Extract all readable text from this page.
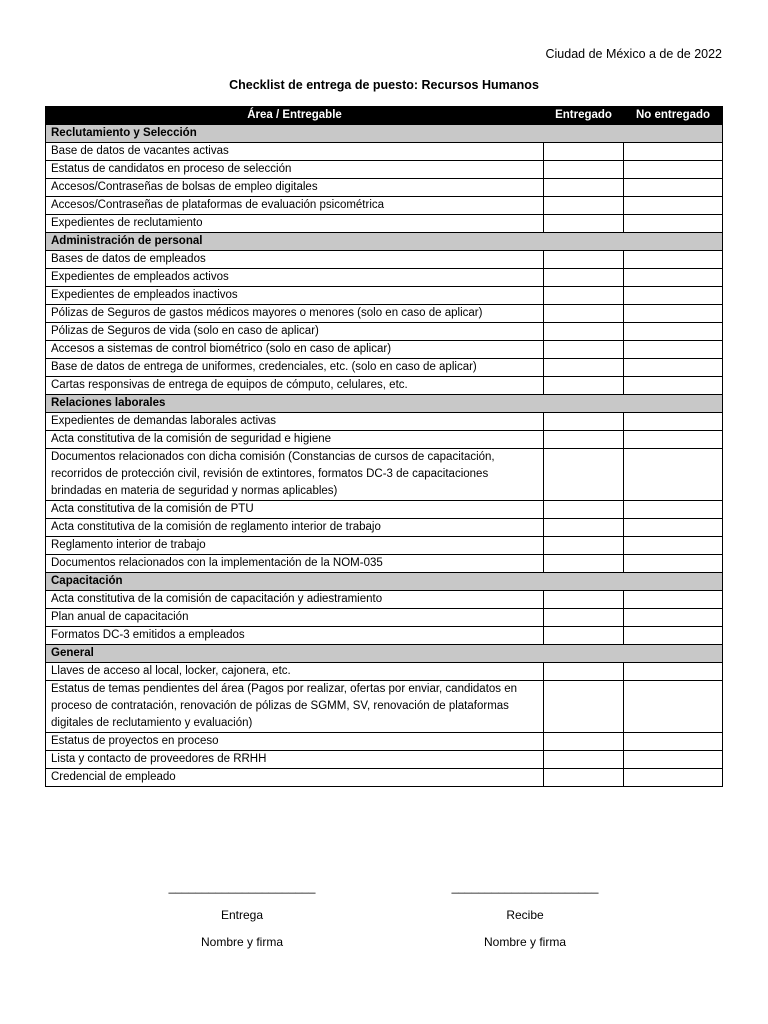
Ciudad de México a de de 2022
Checklist de entrega de puesto: Recursos Humanos
Área / Entregable	Entregado	No entregado
Reclutamiento y Selección		
Base de datos de vacantes activas		
Estatus de candidatos en proceso de selección		
Accesos/Contraseñas de bolsas de empleo digitales		
Accesos/Contraseñas de plataformas de evaluación psicométrica		
Expedientes de reclutamiento		
Administración de personal		
Bases de datos de empleados		
Expedientes de empleados activos		
Expedientes de empleados inactivos		
Pólizas de Seguros de gastos médicos mayores o menores (solo en caso de aplicar)		
Pólizas de Seguros de vida (solo en caso de aplicar)		
Accesos a sistemas de control biométrico (solo en caso de aplicar)		
Base de datos de entrega de uniformes, credenciales, etc. (solo en caso de aplicar)		
Cartas responsivas de entrega de equipos de cómputo, celulares, etc.		
Relaciones laborales		
Expedientes de demandas laborales activas		
Acta constitutiva de la comisión de seguridad e higiene		
Documentos relacionados con dicha comisión (Constancias de cursos de capacitación, recorridos de protección civil, revisión de extintores, formatos DC-3 de capacitaciones brindadas en materia de seguridad y normas aplicables)		
Acta constitutiva de la comisión de PTU		
Acta constitutiva de la comisión de reglamento interior de trabajo		
Reglamento interior de trabajo		
Documentos relacionados con la implementación de la NOM-035		
Capacitación		
Acta constitutiva de la comisión de capacitación y adiestramiento		
Plan anual de capacitación		
Formatos DC-3 emitidos a empleados		
General		
Llaves de acceso al local, locker, cajonera, etc.		
Estatus de temas pendientes del área (Pagos por realizar, ofertas por enviar, candidatos en proceso de contratación, renovación de pólizas de SGMM, SV, renovación de plataformas digitales de reclutamiento y evaluación)		
Estatus de proyectos en proceso		
Lista y contacto de proveedores de RRHH		
Credencial de empleado		
______________________
Entrega
Nombre y firma
______________________
Recibe
Nombre y firma
